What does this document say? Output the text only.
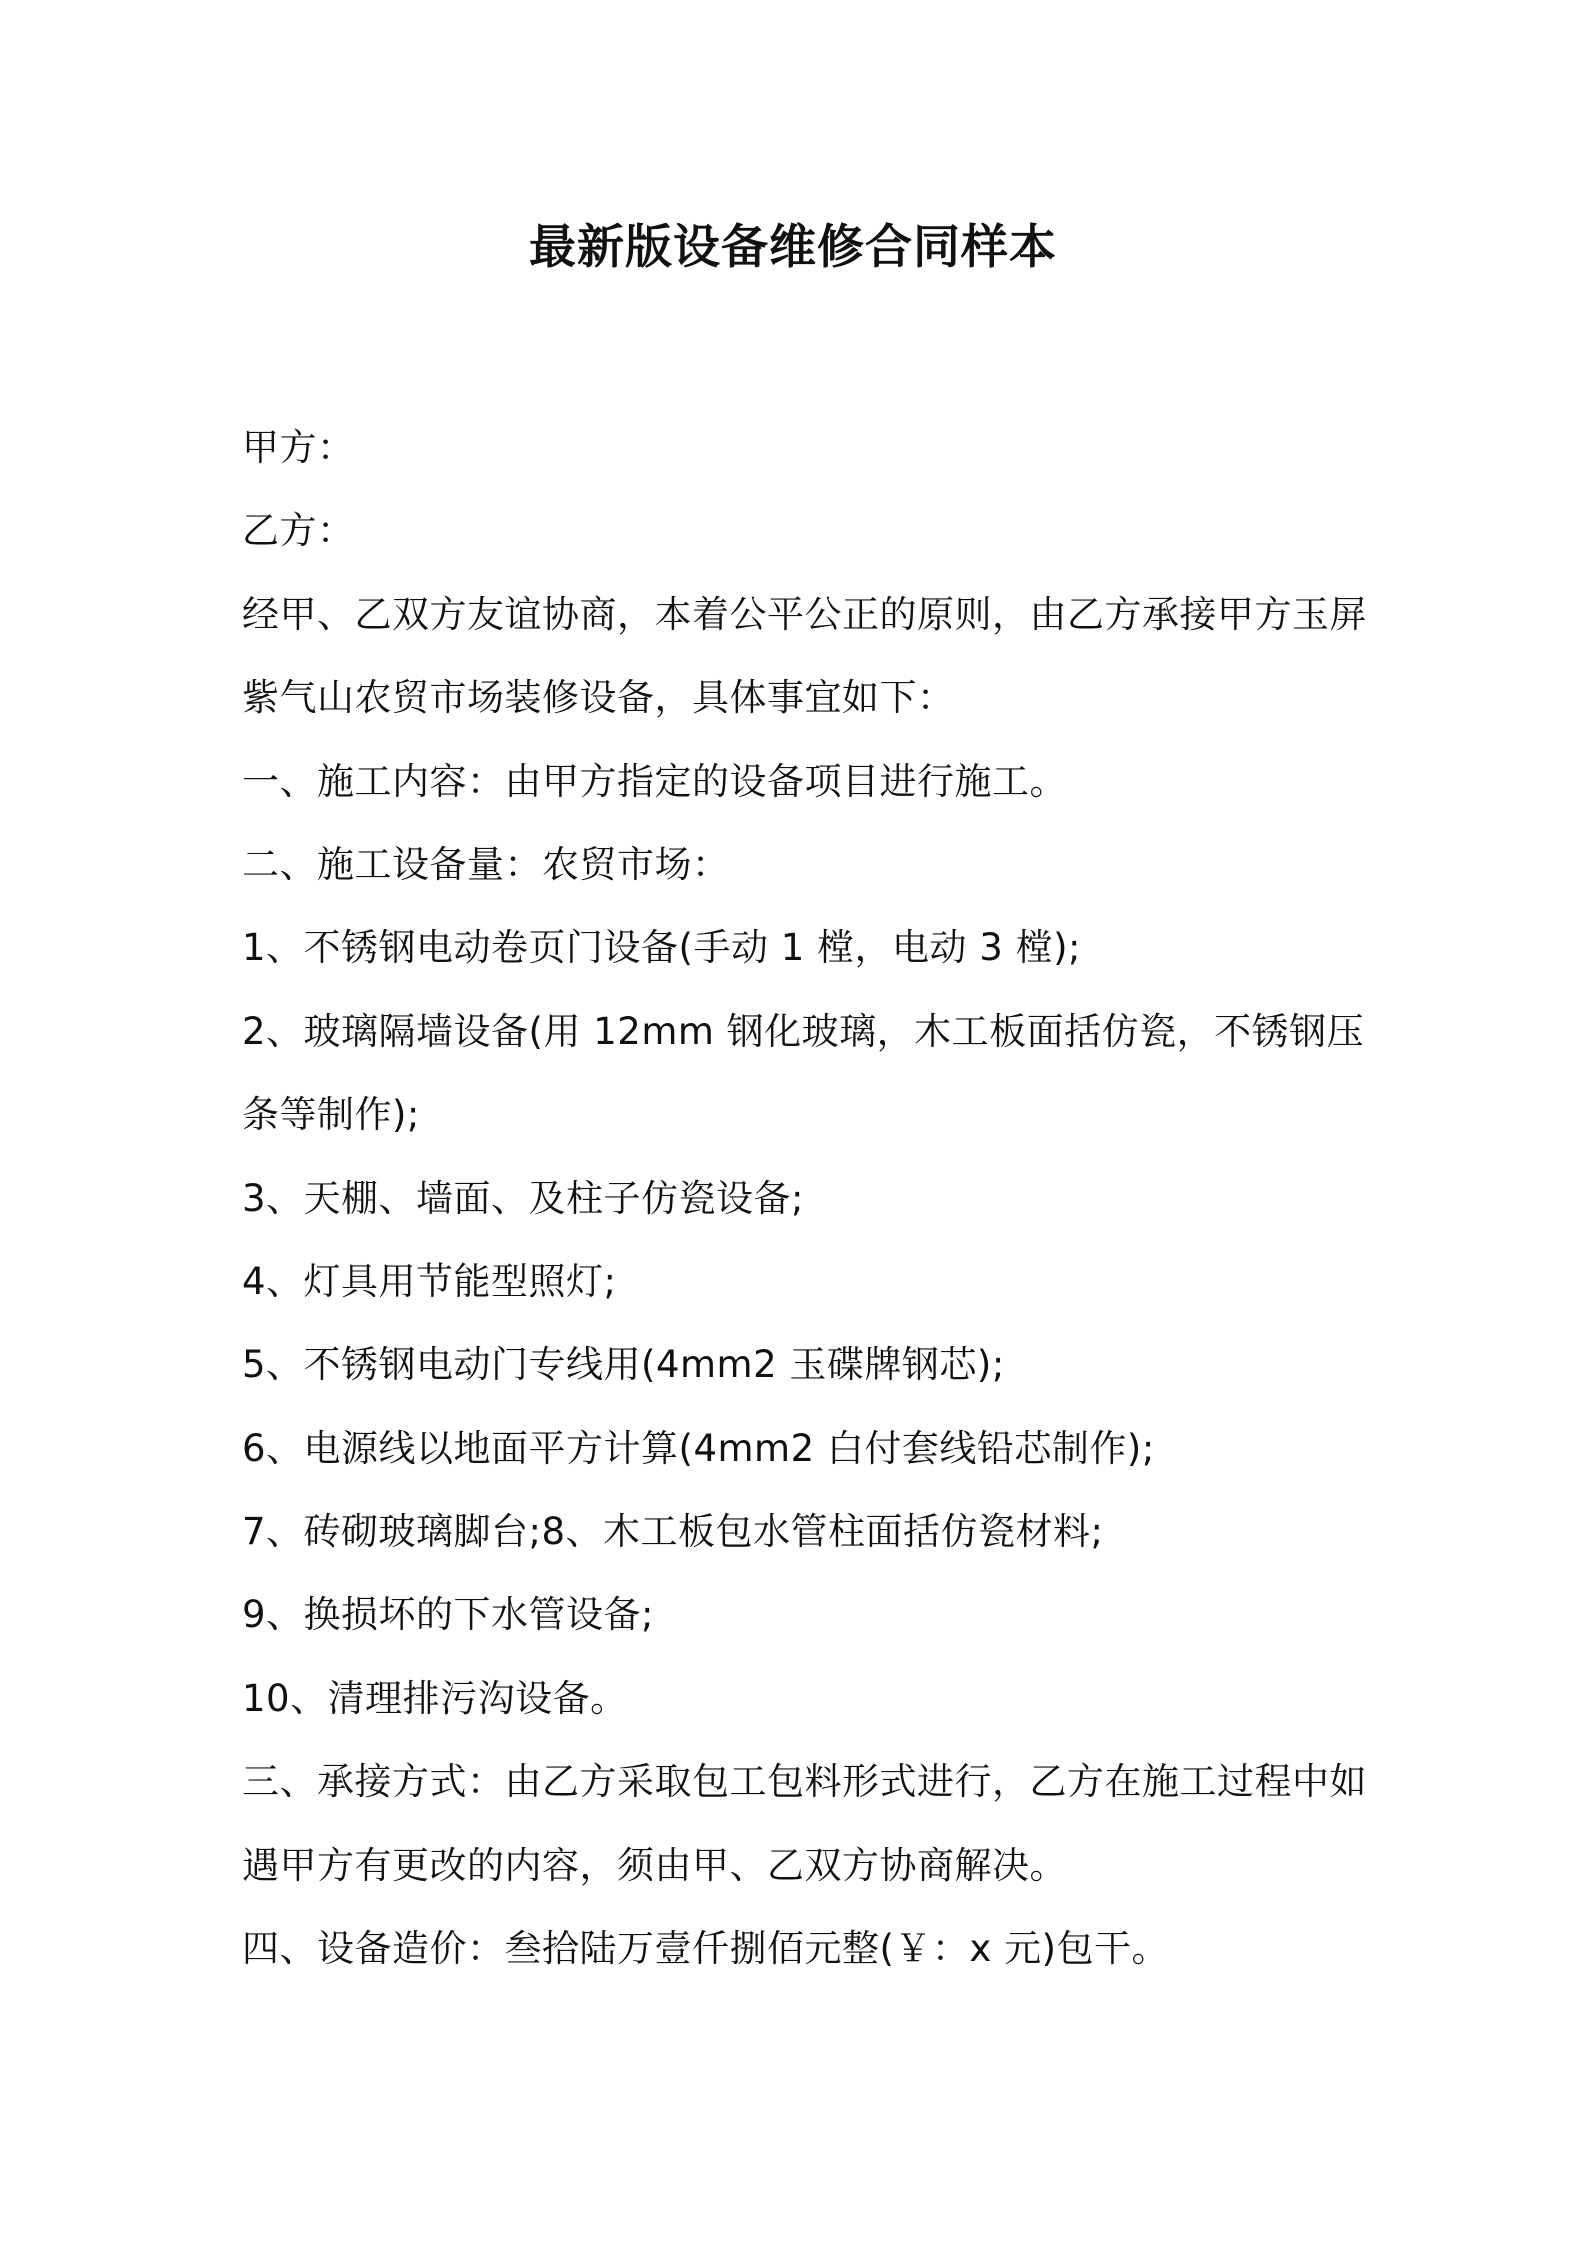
最新版设备维修合同样本
甲方：
乙方：
经甲、乙双方友谊协商，本着公平公正的原则，由乙方承接甲方玉屏
紫气山农贸市场装修设备，具体事宜如下：
一、施工内容：由甲方指定的设备项目进行施工。
二、施工设备量：农贸市场：
1、不锈钢电动卷页门设备(手动 1 樘，电动 3 樘);
2、玻璃隔墙设备(用 12mm 钢化玻璃，木工板面括仿瓷，不锈钢压
条等制作);
3、天棚、墙面、及柱子仿瓷设备;
4、灯具用节能型照灯;
5、不锈钢电动门专线用(4mm2 玉碟牌钢芯);
6、电源线以地面平方计算(4mm2 白付套线铅芯制作);
7、砖砌玻璃脚台;8、木工板包水管柱面括仿瓷材料;
9、换损坏的下水管设备;
10、清理排污沟设备。
三、承接方式：由乙方采取包工包料形式进行，乙方在施工过程中如
遇甲方有更改的内容，须由甲、乙双方协商解决。
四、设备造价：叁拾陆万壹仟捌佰元整(￥：x 元)包干。
